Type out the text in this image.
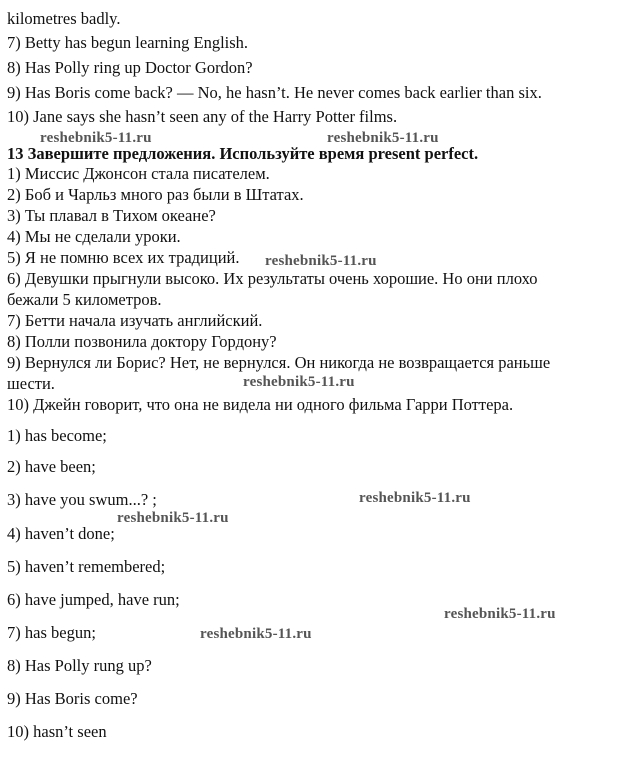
kilometres badly.
7) Betty has begun learning English.
8) Has Polly ring up Doctor Gordon?
9) Has Boris come back? — No, he hasn’t. He never comes back earlier than six.
10) Jane says she hasn’t seen any of the Harry Potter films.
13 Завершите предложения. Используйте время present perfect.
1) Миссис Джонсон стала писателем.
2) Боб и Чарльз много раз были в Штатах.
3) Ты плавал в Тихом океане?
4) Мы не сделали уроки.
5) Я не помню всех их традиций.
6) Девушки прыгнули высоко. Их результаты очень хорошие. Но они плохо
бежали 5 километров.
7) Бетти начала изучать английский.
8) Полли позвонила доктору Гордону?
9) Вернулся ли Борис? Нет, не вернулся. Он никогда не возвращается раньше
шести.
10) Джейн говорит, что она не видела ни одного фильма Гарри Поттера.
1) has become;
2) have been;
3) have you swum...? ;
4) haven’t done;
5) haven’t remembered;
6) have jumped, have run;
7) has begun;
8) Has Polly rung up?
9) Has Boris come?
10) hasn’t seen
reshebnik5-11.ru	reshebnik5-11.ru
reshebnik5-11.ru
reshebnik5-11.ru
reshebnik5-11.ru
reshebnik5-11.ru
reshebnik5-11.ru
reshebnik5-11.ru
